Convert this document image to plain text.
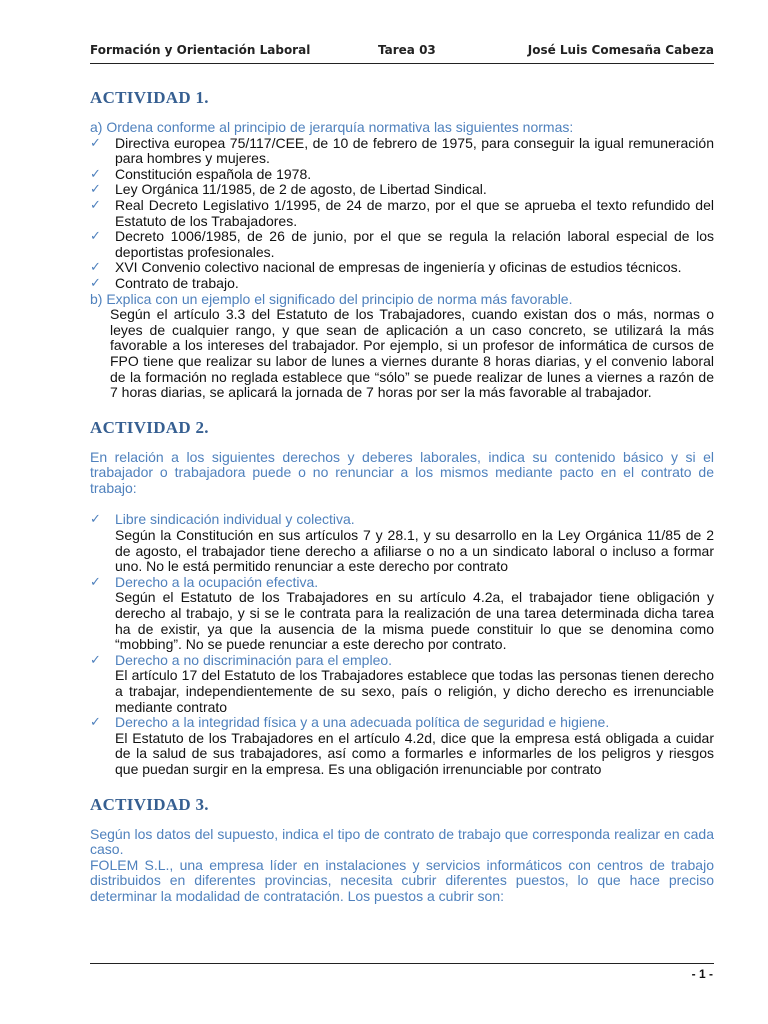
Formación y Orientación Laboral	Tarea 03	José Luis Comesaña Cabeza
ACTIVIDAD 1.
a) Ordena conforme al principio de jerarquía normativa las siguientes normas:
✓ Directiva europea 75/117/CEE, de 10 de febrero de 1975, para conseguir la igual remuneración para hombres y mujeres.
✓ Constitución española de 1978.
✓ Ley Orgánica 11/1985, de 2 de agosto, de Libertad Sindical.
✓ Real Decreto Legislativo 1/1995, de 24 de marzo, por el que se aprueba el texto refundido del Estatuto de los Trabajadores.
✓ Decreto 1006/1985, de 26 de junio, por el que se regula la relación laboral especial de los deportistas profesionales.
✓ XVI Convenio colectivo nacional de empresas de ingeniería y oficinas de estudios técnicos.
✓ Contrato de trabajo.
b) Explica con un ejemplo el significado del principio de norma más favorable.
Según el artículo 3.3 del Estatuto de los Trabajadores, cuando existan dos o más, normas o leyes de cualquier rango, y que sean de aplicación a un caso concreto, se utilizará la más favorable a los intereses del trabajador. Por ejemplo, si un profesor de informática de cursos de FPO tiene que realizar su labor de lunes a viernes durante 8 horas diarias, y el convenio laboral de la formación no reglada establece que “sólo” se puede realizar de lunes a viernes a razón de 7 horas diarias, se aplicará la jornada de 7 horas por ser la más favorable al trabajador.
ACTIVIDAD 2.
En relación a los siguientes derechos y deberes laborales, indica su contenido básico y si el trabajador o trabajadora puede o no renunciar a los mismos mediante pacto en el contrato de trabajo:
✓ Libre sindicación individual y colectiva.
Según la Constitución en sus artículos 7 y 28.1, y su desarrollo en la Ley Orgánica 11/85 de 2 de agosto, el trabajador tiene derecho a afiliarse o no a un sindicato laboral o incluso a formar uno. No le está permitido renunciar a este derecho por contrato
✓ Derecho a la ocupación efectiva.
Según el Estatuto de los Trabajadores en su artículo 4.2a, el trabajador tiene obligación y derecho al trabajo, y si se le contrata para la realización de una tarea determinada dicha tarea ha de existir, ya que la ausencia de la misma puede constituir lo que se denomina como “mobbing”. No se puede renunciar a este derecho por contrato.
✓ Derecho a no discriminación para el empleo.
El artículo 17 del Estatuto de los Trabajadores establece que todas las personas tienen derecho a trabajar, independientemente de su sexo, país o religión, y dicho derecho es irrenunciable mediante contrato
✓ Derecho a la integridad física y a una adecuada política de seguridad e higiene.
El Estatuto de los Trabajadores en el artículo 4.2d, dice que la empresa está obligada a cuidar de la salud de sus trabajadores, así como a formarles e informarles de los peligros y riesgos que puedan surgir en la empresa. Es una obligación irrenunciable por contrato
ACTIVIDAD 3.
Según los datos del supuesto, indica el tipo de contrato de trabajo que corresponda realizar en cada caso.
FOLEM S.L., una empresa líder en instalaciones y servicios informáticos con centros de trabajo distribuidos en diferentes provincias, necesita cubrir diferentes puestos, lo que hace preciso determinar la modalidad de contratación. Los puestos a cubrir son:
- 1 -
